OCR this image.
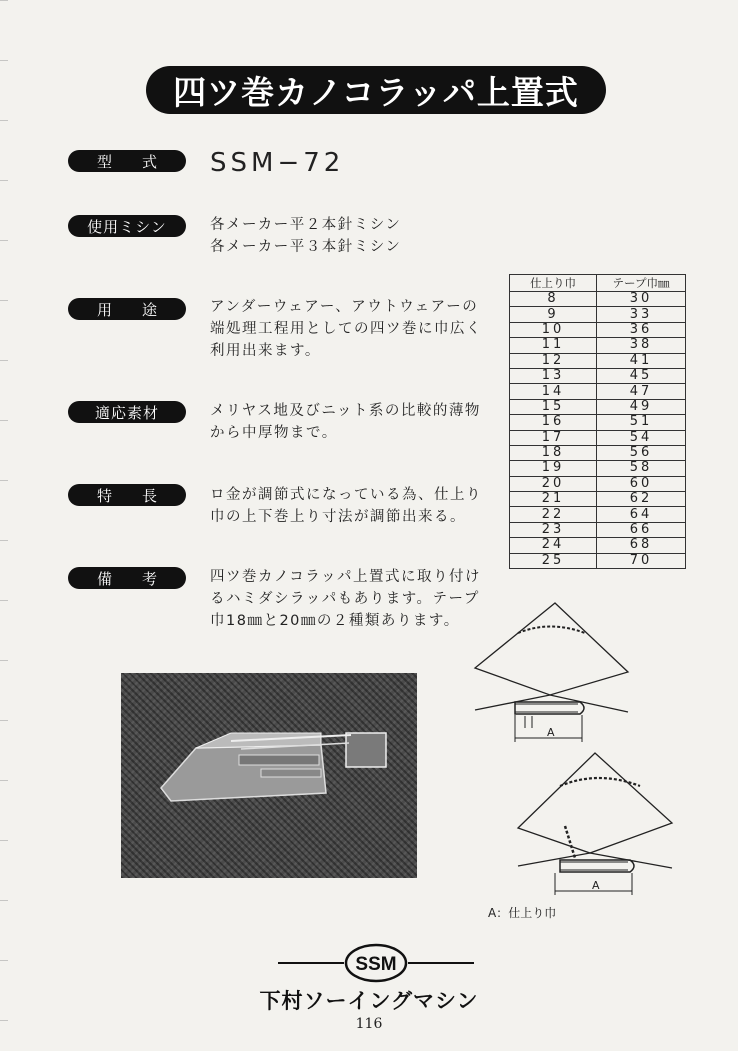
四ツ巻カノコラッパ上置式
型 式 SSM−72
使用ミシン	各メーカー平２本針ミシン
各メーカー平３本針ミシン
用 途	アンダーウェアー、アウトウェアーの
端処理工程用としての四ツ巻に巾広く
利用出来ます。
適応素材	メリヤス地及びニット系の比較的薄物
から中厚物まで。
特 長	ロ金が調節式になっている為、仕上り
巾の上下巻上り寸法が調節出来る。
備 考	四ツ巻カノコラッパ上置式に取り付け
るハミダシラッパもあります。テープ
巾18㎜と20㎜の２種類あります。
仕上り巾	テープ巾㎜
8	30
9	33
10	36
11	38
12	41
13	45
14	47
15	49
16	51
17	54
18	56
19	58
20	60
21	62
22	64
23	66
24	68
25	70
A
A
A：仕上り巾
SSM
下村ソーイングマシン
116
